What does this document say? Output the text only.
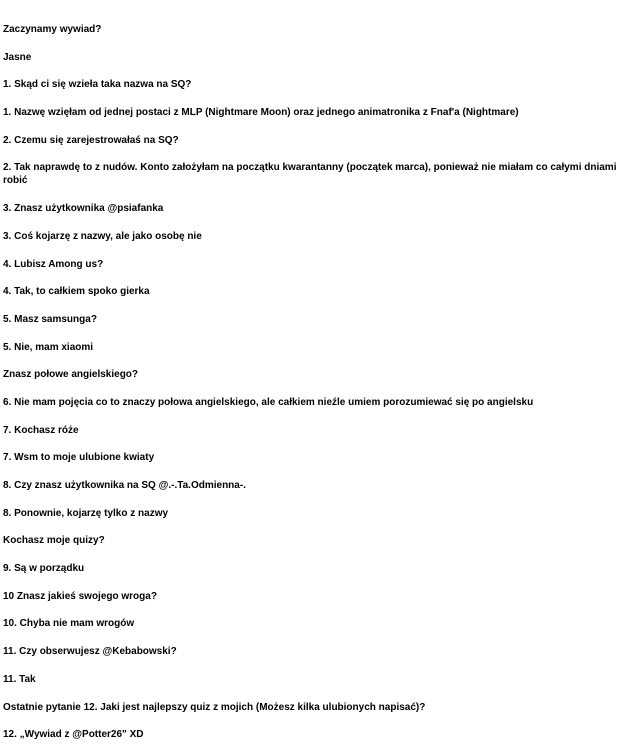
Zaczynamy wywiad?

Jasne

1. Skąd ci się wzieła taka nazwa na SQ?

1. Nazwę wzięłam od jednej postaci z MLP (Nightmare Moon) oraz jednego animatronika z Fnaf'a (Nightmare)

2. Czemu się zarejestrowałaś na SQ?

2. Tak naprawdę to z nudów. Konto założyłam na początku kwarantanny (początek marca), ponieważ nie miałam co całymi dniami robić

3. Znasz użytkownika @psiafanka

3. Coś kojarzę z nazwy, ale jako osobę nie

4. Lubisz Among us?

4. Tak, to całkiem spoko gierka

5. Masz samsunga?

5. Nie, mam xiaomi

Znasz połowe angielskiego?

6. Nie mam pojęcia co to znaczy połowa angielskiego, ale całkiem nieźle umiem porozumiewać się po angielsku

7. Kochasz róże

7. Wsm to moje ulubione kwiaty

8. Czy znasz użytkownika na SQ @.-.Ta.Odmienna-.

8. Ponownie, kojarzę tylko z nazwy

Kochasz moje quizy?

9. Są w porządku

10 Znasz jakieś swojego wroga?

10. Chyba nie mam wrogów

11. Czy obserwujesz @Kebabowski?

11. Tak

Ostatnie pytanie 12. Jaki jest najlepszy quiz z mojich (Możesz kilka ulubionych napisać)?

12. „Wywiad z @Potter26" XD
